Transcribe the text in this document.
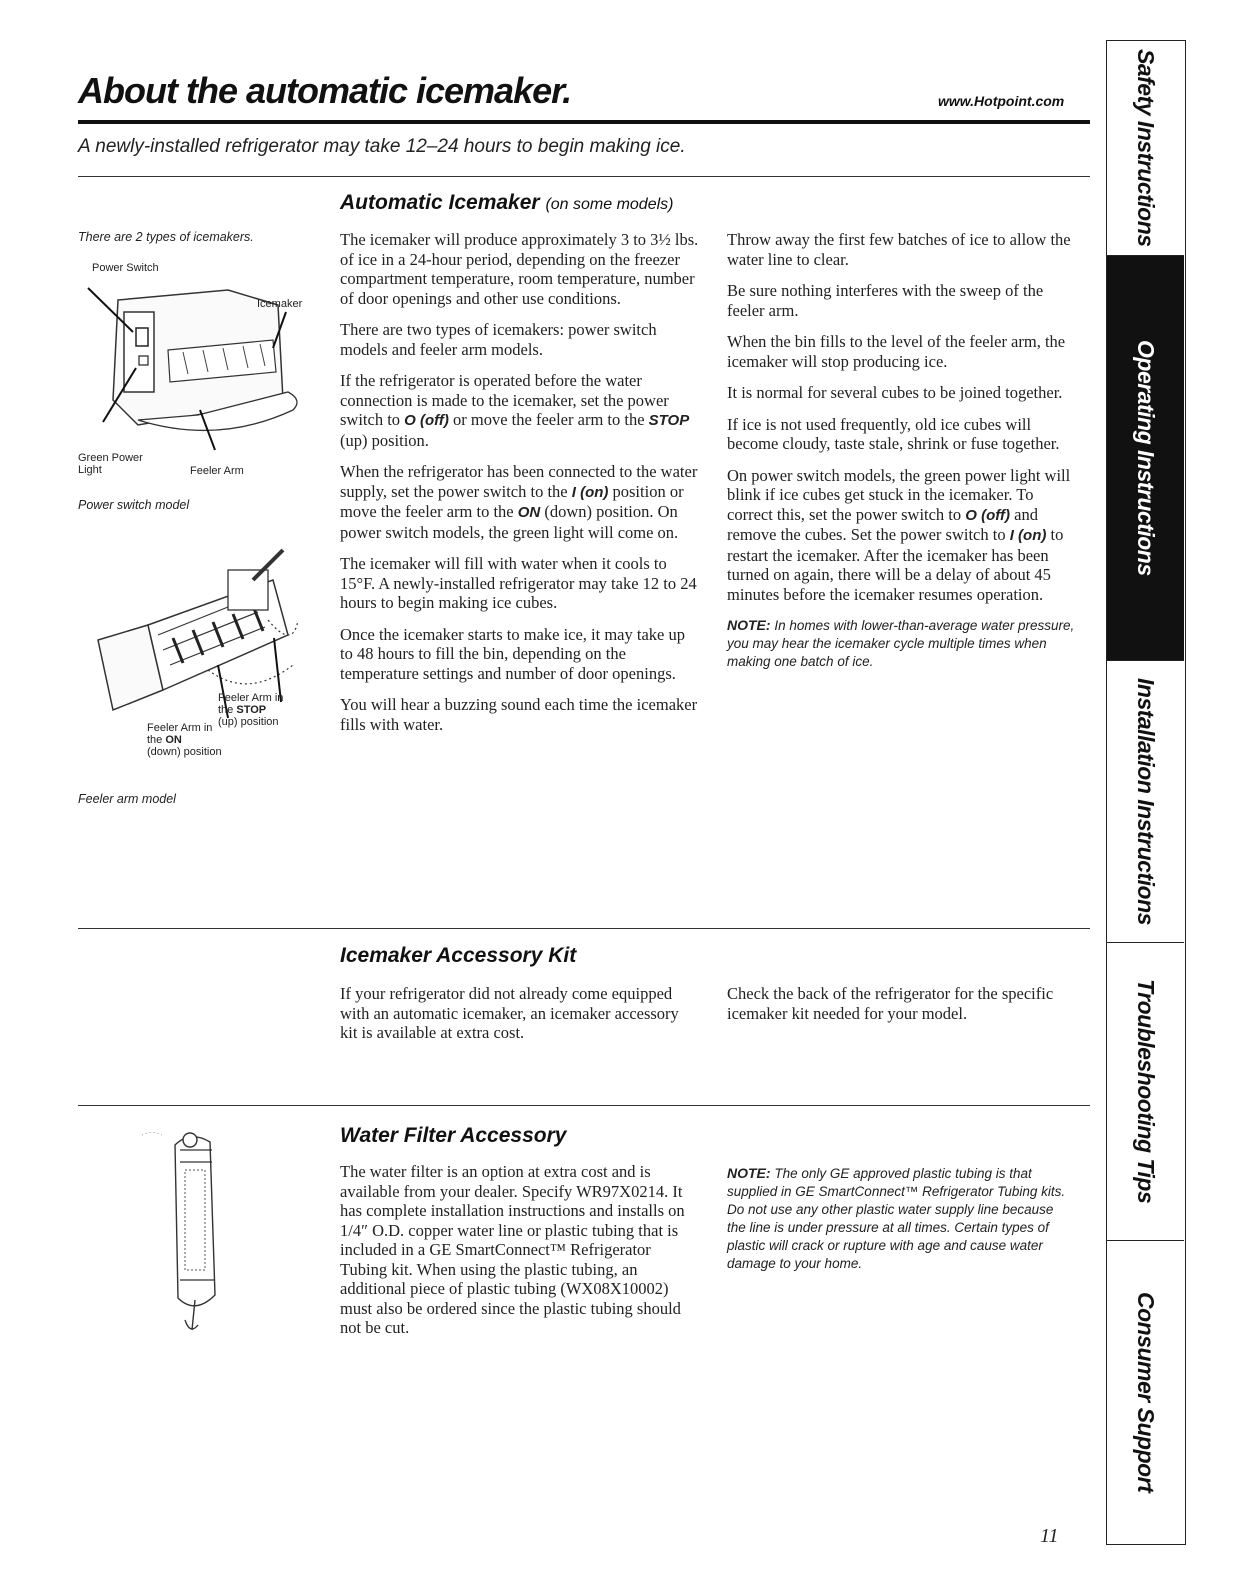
About the automatic icemaker.	www.Hotpoint.com
A newly-installed refrigerator may take 12–24 hours to begin making ice.
Automatic Icemaker (on some models)
There are 2 types of icemakers.
Power Switch
Icemaker
Green Power Light	Feeler Arm
Power switch model
Feeler Arm in
the STOP
(up) position
Feeler Arm in
the ON
(down) position
Feeler arm model

The icemaker will produce approximately 3 to 3½ lbs. of ice in a 24-hour period, depending on the freezer compartment temperature, room temperature, number of door openings and other use conditions.

There are two types of icemakers: power switch models and feeler arm models.

If the refrigerator is operated before the water connection is made to the icemaker, set the power switch to O (off) or move the feeler arm to the STOP (up) position.

When the refrigerator has been connected to the water supply, set the power switch to the I (on) position or move the feeler arm to the ON (down) position. On power switch models, the green light will come on.

The icemaker will fill with water when it cools to 15°F. A newly-installed refrigerator may take 12 to 24 hours to begin making ice cubes.

Once the icemaker starts to make ice, it may take up to 48 hours to fill the bin, depending on the temperature settings and number of door openings.

You will hear a buzzing sound each time the icemaker fills with water.

Throw away the first few batches of ice to allow the water line to clear.

Be sure nothing interferes with the sweep of the feeler arm.

When the bin fills to the level of the feeler arm, the icemaker will stop producing ice.

It is normal for several cubes to be joined together.

If ice is not used frequently, old ice cubes will become cloudy, taste stale, shrink or fuse together.

On power switch models, the green power light will blink if ice cubes get stuck in the icemaker. To correct this, set the power switch to O (off) and remove the cubes. Set the power switch to I (on) to restart the icemaker. After the icemaker has been turned on again, there will be a delay of about 45 minutes before the icemaker resumes operation.

NOTE: In homes with lower-than-average water pressure, you may hear the icemaker cycle multiple times when making one batch of ice.
Icemaker Accessory Kit
If your refrigerator did not already come equipped with an automatic icemaker, an icemaker accessory kit is available at extra cost.
Check the back of the refrigerator for the specific icemaker kit needed for your model.
Water Filter Accessory
The water filter is an option at extra cost and is available from your dealer. Specify WR97X0214. It has complete installation instructions and installs on 1/4″ O.D. copper water line or plastic tubing that is included in a GE SmartConnect™ Refrigerator Tubing kit. When using the plastic tubing, an additional piece of plastic tubing (WX08X10002) must also be ordered since the plastic tubing should not be cut.
NOTE: The only GE approved plastic tubing is that supplied in GE SmartConnect™ Refrigerator Tubing kits. Do not use any other plastic water supply line because the line is under pressure at all times. Certain types of plastic will crack or rupture with age and cause water damage to your home.
11
Safety Instructions
Operating Instructions
Installation Instructions
Troubleshooting Tips
Consumer Support
